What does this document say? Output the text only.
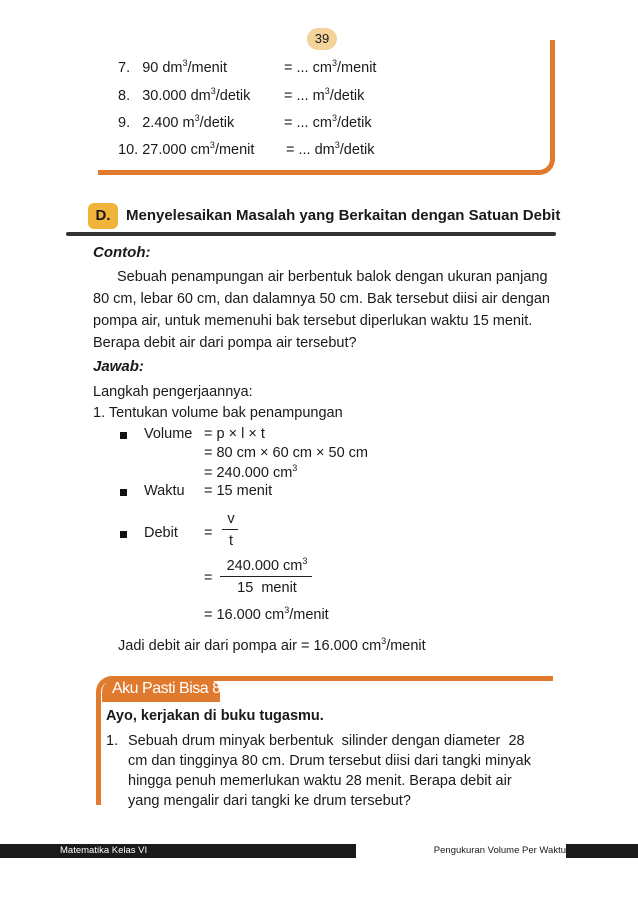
39
7. 90 $dm^3$/menit	= ... $cm^3$/menit
8. 30.000 $dm^3$/detik = ... $m^3$/detik
9. 2.400 $m^3$/detik	= ... $cm^3$/detik
10. 27.000 $cm^3$/menit = ... $dm^3$/detik
D.	Menyelesaikan Masalah yang Berkaitan dengan Satuan Debit
Contoh:
Sebuah penampungan air berbentuk balok dengan ukuran panjang
80 cm, lebar 60 cm, dan dalamnya 50 cm. Bak tersebut diisi air dengan
pompa air, untuk memenuhi bak tersebut diperlukan waktu 15 menit.
Berapa debit air dari pompa air tersebut?
Jawab:
Langkah pengerjaannya:
1. Tentukan volume bak penampungan
Volume = p × l × t
= 80 cm × 60 cm × 50 cm
= 240.000 $cm^3$
Waktu = 15 menit
Debit =
v
t
=
240.000 $cm^3$
15  menit
= 16.000 $cm^3$/menit
Jadi debit air dari pompa air = 16.000 $cm^3$/menit
Aku Pasti Bisa 8
Ayo, kerjakan di buku tugasmu.
1. Sebuah drum minyak berbentuk  silinder dengan diameter  28
cm dan tingginya 80 cm. Drum tersebut diisi dari tangki minyak
hingga penuh memerlukan waktu 28 menit. Berapa debit air
yang mengalir dari tangki ke drum tersebut?
Matematika Kelas VI	Pengukuran Volume Per Waktu
